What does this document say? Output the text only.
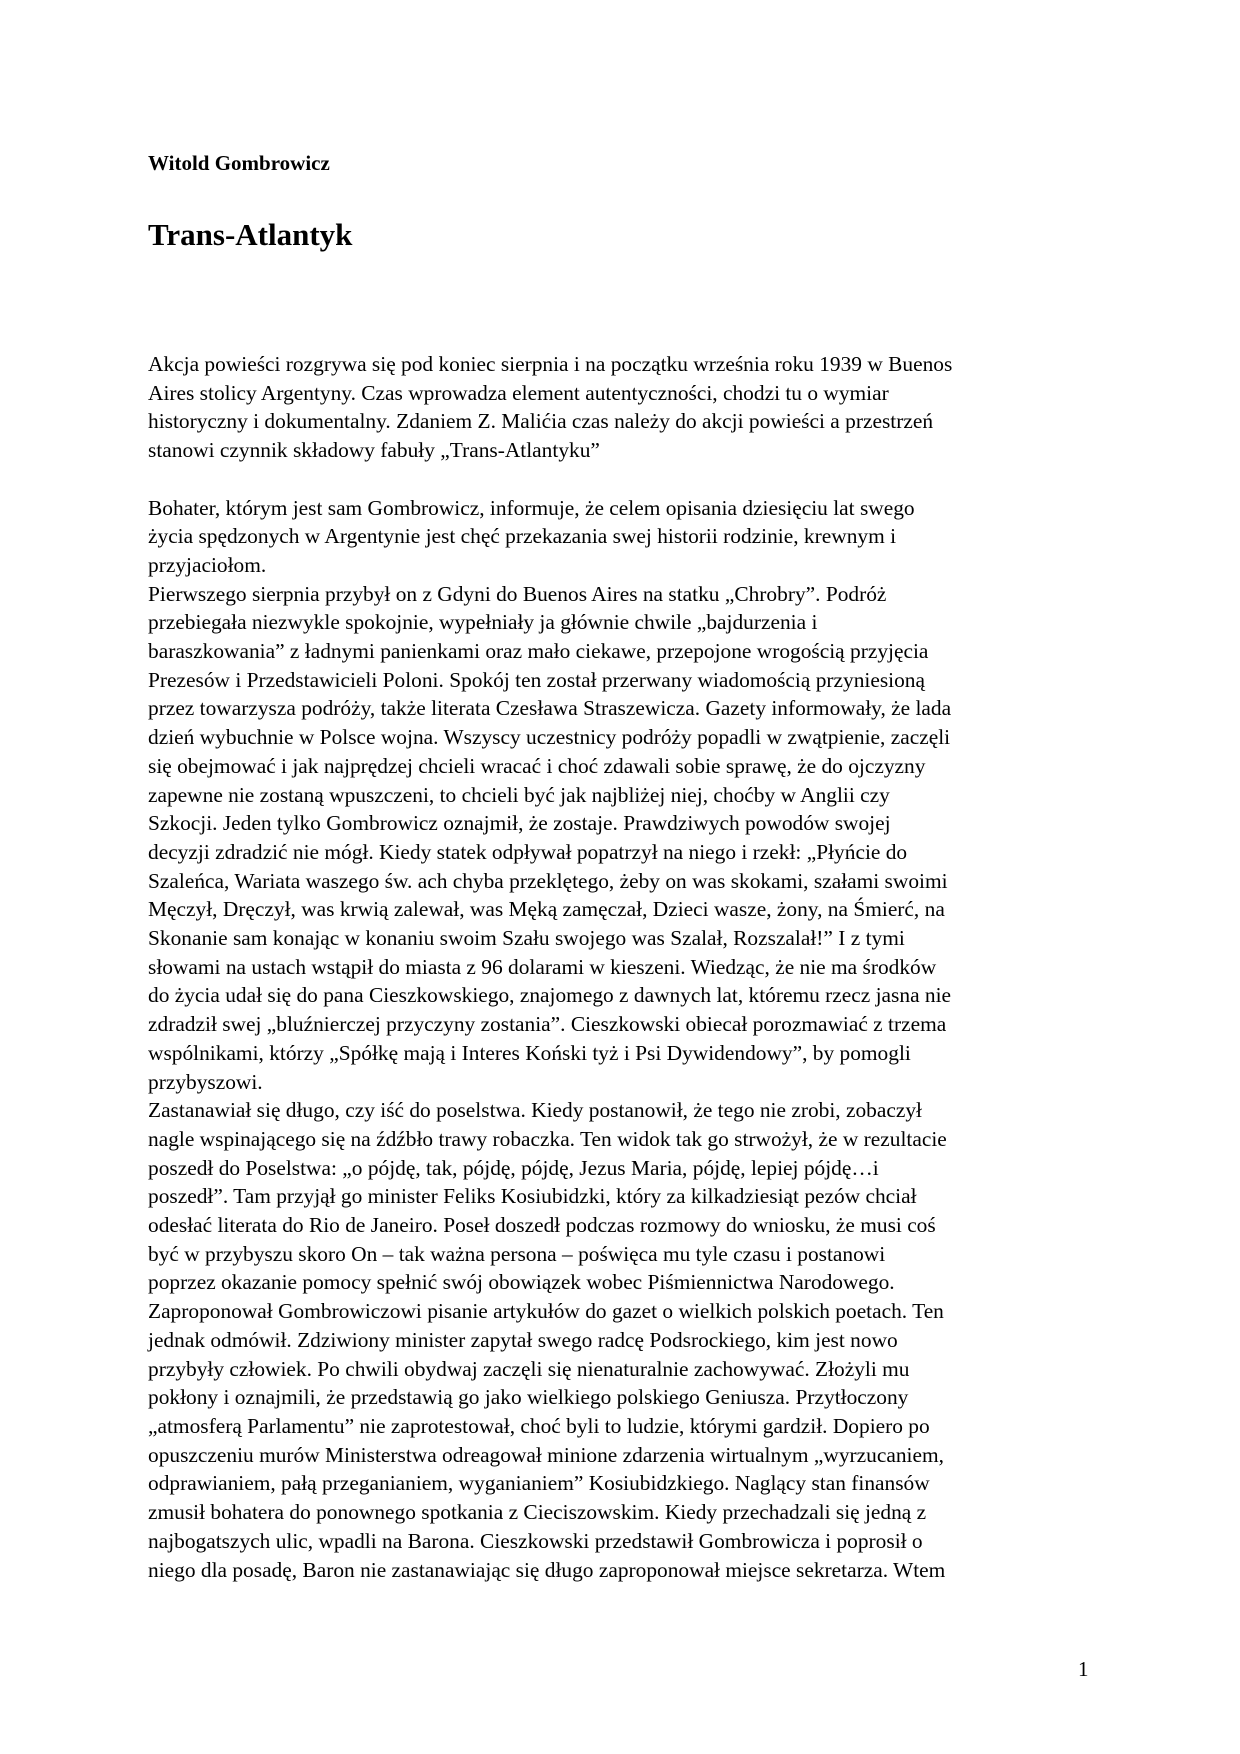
Witold Gombrowicz
Trans-Atlantyk
Akcja powieści rozgrywa się pod koniec sierpnia i na początku września roku 1939 w Buenos
Aires stolicy Argentyny. Czas wprowadza element autentyczności, chodzi tu o wymiar
historyczny i dokumentalny. Zdaniem Z. Malićia czas należy do akcji powieści a przestrzeń
stanowi czynnik składowy fabuły „Trans-Atlantyku”
Bohater, którym jest sam Gombrowicz, informuje, że celem opisania dziesięciu lat swego
życia spędzonych w Argentynie jest chęć przekazania swej historii rodzinie, krewnym i
przyjaciołom.
Pierwszego sierpnia przybył on z Gdyni do Buenos Aires na statku „Chrobry”. Podróż
przebiegała niezwykle spokojnie, wypełniały ja głównie chwile „bajdurzenia i
baraszkowania” z ładnymi panienkami oraz mało ciekawe, przepojone wrogością przyjęcia
Prezesów i Przedstawicieli Poloni. Spokój ten został przerwany wiadomością przyniesioną
przez towarzysza podróży, także literata Czesława Straszewicza. Gazety informowały, że lada
dzień wybuchnie w Polsce wojna. Wszyscy uczestnicy podróży popadli w zwątpienie, zaczęli
się obejmować i jak najprędzej chcieli wracać i choć zdawali sobie sprawę, że do ojczyzny
zapewne nie zostaną wpuszczeni, to chcieli być jak najbliżej niej, choćby w Anglii czy
Szkocji. Jeden tylko Gombrowicz oznajmił, że zostaje. Prawdziwych powodów swojej
decyzji zdradzić nie mógł. Kiedy statek odpływał popatrzył na niego i rzekł: „Płyńcie do
Szaleńca, Wariata waszego św. ach chyba przeklętego, żeby on was skokami, szałami swoimi
Męczył, Dręczył, was krwią zalewał, was Męką zamęczał, Dzieci wasze, żony, na Śmierć, na
Skonanie sam konając w konaniu swoim Szału swojego was Szalał, Rozszalał!” I z tymi
słowami na ustach wstąpił do miasta z 96 dolarami w kieszeni. Wiedząc, że nie ma środków
do życia udał się do pana Cieszkowskiego, znajomego z dawnych lat, któremu rzecz jasna nie
zdradził swej „bluźnierczej przyczyny zostania”. Cieszkowski obiecał porozmawiać z trzema
wspólnikami, którzy „Spółkę mają i Interes Koński tyż i Psi Dywidendowy”, by pomogli
przybyszowi.
Zastanawiał się długo, czy iść do poselstwa. Kiedy postanowił, że tego nie zrobi, zobaczył
nagle wspinającego się na źdźbło trawy robaczka. Ten widok tak go strwożył, że w rezultacie
poszedł do Poselstwa: „o pójdę, tak, pójdę, pójdę, Jezus Maria, pójdę, lepiej pójdę…i
poszedł”. Tam przyjął go minister Feliks Kosiubidzki, który za kilkadziesiąt pezów chciał
odesłać literata do Rio de Janeiro. Poseł doszedł podczas rozmowy do wniosku, że musi coś
być w przybyszu skoro On – tak ważna persona – poświęca mu tyle czasu i postanowi
poprzez okazanie pomocy spełnić swój obowiązek wobec Piśmiennictwa Narodowego.
Zaproponował Gombrowiczowi pisanie artykułów do gazet o wielkich polskich poetach. Ten
jednak odmówił. Zdziwiony minister zapytał swego radcę Podsrockiego, kim jest nowo
przybyły człowiek. Po chwili obydwaj zaczęli się nienaturalnie zachowywać. Złożyli mu
pokłony i oznajmili, że przedstawią go jako wielkiego polskiego Geniusza. Przytłoczony
„atmosferą Parlamentu” nie zaprotestował, choć byli to ludzie, którymi gardził. Dopiero po
opuszczeniu murów Ministerstwa odreagował minione zdarzenia wirtualnym „wyrzucaniem,
odprawianiem, pałą przeganianiem, wyganianiem” Kosiubidzkiego. Naglący stan finansów
zmusił bohatera do ponownego spotkania z Cieciszowskim. Kiedy przechadzali się jedną z
najbogatszych ulic, wpadli na Barona. Cieszkowski przedstawił Gombrowicza i poprosił o
niego dla posadę, Baron nie zastanawiając się długo zaproponował miejsce sekretarza. Wtem
1
